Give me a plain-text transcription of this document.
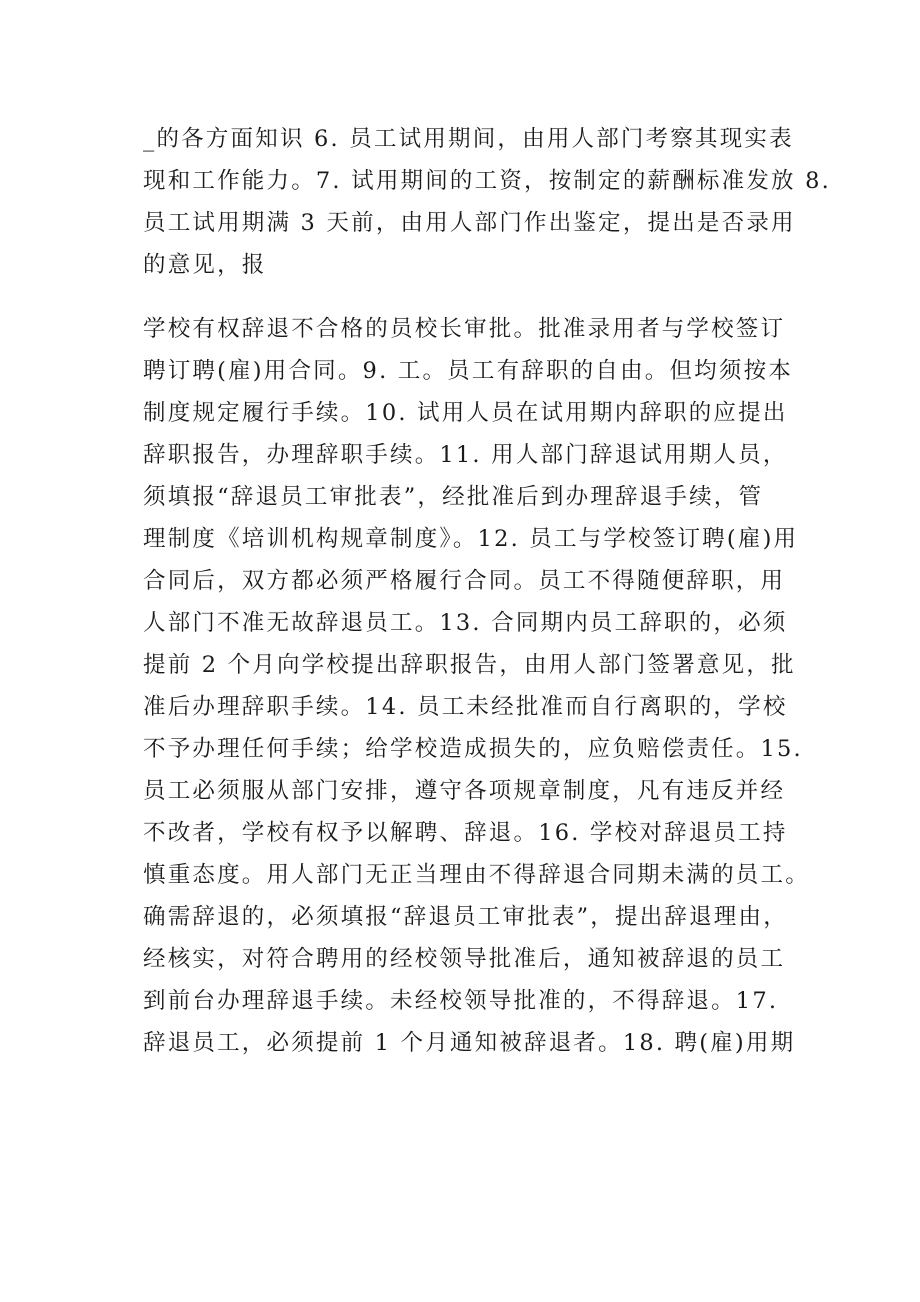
_的各方面知识 6. 员工试用期间，由用人部门考察其现实表
现和工作能力。7. 试用期间的工资，按制定的薪酬标准发放 8.
员工试用期满 3 天前，由用人部门作出鉴定，提出是否录用
的意见，报
学校有权辞退不合格的员校长审批。批准录用者与学校签订
聘订聘(雇)用合同。9. 工。员工有辞职的自由。但均须按本
制度规定履行手续。10. 试用人员在试用期内辞职的应提出
辞职报告，办理辞职手续。11. 用人部门辞退试用期人员，
须填报“辞退员工审批表”，经批准后到办理辞退手续，管
理制度《培训机构规章制度》。12. 员工与学校签订聘(雇)用
合同后，双方都必须严格履行合同。员工不得随便辞职，用
人部门不准无故辞退员工。13. 合同期内员工辞职的，必须
提前 2 个月向学校提出辞职报告，由用人部门签署意见，批
准后办理辞职手续。14. 员工未经批准而自行离职的，学校
不予办理任何手续；给学校造成损失的，应负赔偿责任。15.
员工必须服从部门安排，遵守各项规章制度，凡有违反并经
不改者，学校有权予以解聘、辞退。16. 学校对辞退员工持
慎重态度。用人部门无正当理由不得辞退合同期未满的员工。
确需辞退的，必须填报“辞退员工审批表”，提出辞退理由，
经核实，对符合聘用的经校领导批准后，通知被辞退的员工
到前台办理辞退手续。未经校领导批准的，不得辞退。17.
辞退员工，必须提前 1 个月通知被辞退者。18. 聘(雇)用期
